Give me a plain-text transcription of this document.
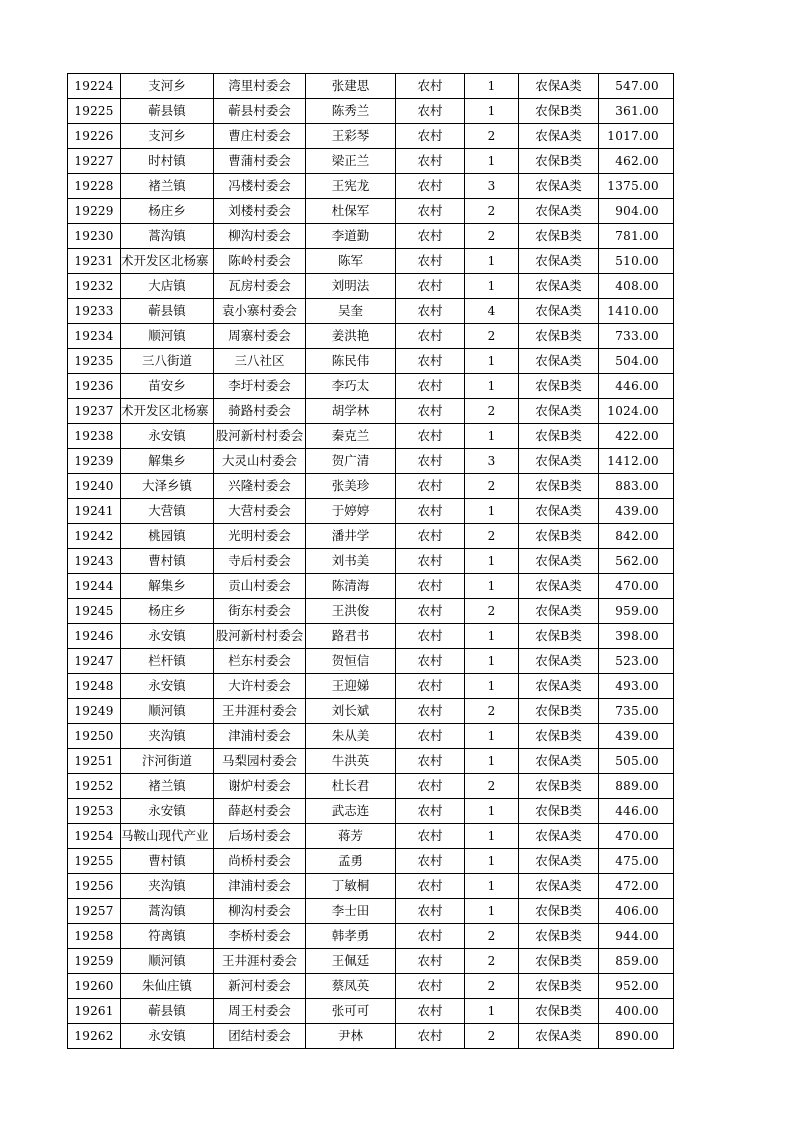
19224	支河乡	湾里村委会	张建思	农村	1	农保A类	547.00
19225	蕲县镇	蕲县村委会	陈秀兰	农村	1	农保B类	361.00
19226	支河乡	曹庄村委会	王彩琴	农村	2	农保A类	1017.00
19227	时村镇	曹蒲村委会	梁正兰	农村	1	农保B类	462.00
19228	褚兰镇	冯楼村委会	王宪龙	农村	3	农保A类	1375.00
19229	杨庄乡	刘楼村委会	杜保军	农村	2	农保A类	904.00
19230	蒿沟镇	柳沟村委会	李道勤	农村	2	农保B类	781.00
19231	术开发区北杨寨	陈岭村委会	陈军	农村	1	农保A类	510.00
19232	大店镇	瓦房村委会	刘明法	农村	1	农保A类	408.00
19233	蕲县镇	袁小寨村委会	吴奎	农村	4	农保A类	1410.00
19234	顺河镇	周寨村委会	姜洪艳	农村	2	农保B类	733.00
19235	三八街道	三八社区	陈民伟	农村	1	农保A类	504.00
19236	苗安乡	李圩村委会	李巧太	农村	1	农保B类	446.00
19237	术开发区北杨寨	骑路村委会	胡学林	农村	2	农保A类	1024.00
19238	永安镇	股河新村村委会	秦克兰	农村	1	农保B类	422.00
19239	解集乡	大灵山村委会	贺广清	农村	3	农保A类	1412.00
19240	大泽乡镇	兴隆村委会	张美珍	农村	2	农保B类	883.00
19241	大营镇	大营村委会	于婷婷	农村	1	农保A类	439.00
19242	桃园镇	光明村委会	潘井学	农村	2	农保B类	842.00
19243	曹村镇	寺后村委会	刘书美	农村	1	农保A类	562.00
19244	解集乡	贡山村委会	陈清海	农村	1	农保A类	470.00
19245	杨庄乡	街东村委会	王洪俊	农村	2	农保A类	959.00
19246	永安镇	股河新村村委会	路君书	农村	1	农保B类	398.00
19247	栏杆镇	栏东村委会	贺恒信	农村	1	农保A类	523.00
19248	永安镇	大许村委会	王迎娣	农村	1	农保A类	493.00
19249	顺河镇	王井涯村委会	刘长斌	农村	2	农保B类	735.00
19250	夹沟镇	津浦村委会	朱从美	农村	1	农保B类	439.00
19251	汴河街道	马梨园村委会	牛洪英	农村	1	农保A类	505.00
19252	褚兰镇	谢炉村委会	杜长君	农村	2	农保B类	889.00
19253	永安镇	薛赵村委会	武志连	农村	1	农保B类	446.00
19254	马鞍山现代产业	后场村委会	蒋芳	农村	1	农保A类	470.00
19255	曹村镇	尚桥村委会	孟勇	农村	1	农保A类	475.00
19256	夹沟镇	津浦村委会	丁敏桐	农村	1	农保A类	472.00
19257	蒿沟镇	柳沟村委会	李士田	农村	1	农保B类	406.00
19258	符离镇	李桥村委会	韩孝勇	农村	2	农保B类	944.00
19259	顺河镇	王井涯村委会	王佩廷	农村	2	农保B类	859.00
19260	朱仙庄镇	新河村委会	蔡凤英	农村	2	农保B类	952.00
19261	蕲县镇	周王村委会	张可可	农村	1	农保B类	400.00
19262	永安镇	团结村委会	尹林	农村	2	农保A类	890.00
